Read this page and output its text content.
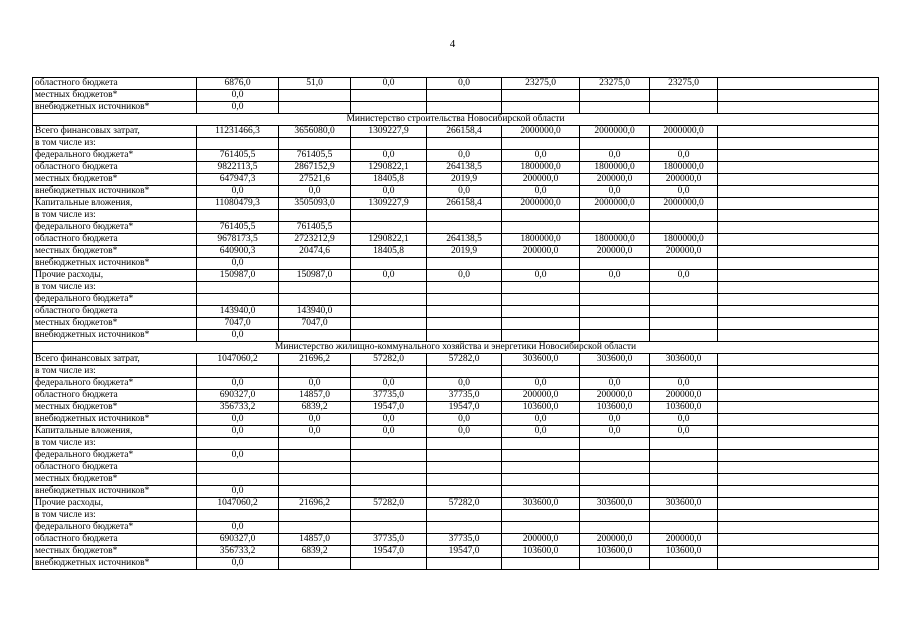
4
областного бюджета	6876,0	51,0	0,0	0,0	23275,0	23275,0	23275,0	
местных бюджетов*	0,0							
внебюджетных источников*	0,0							
Министерство строительства Новосибирской области								
Всего финансовых затрат,	11231466,3	3656080,0	1309227,9	266158,4	2000000,0	2000000,0	2000000,0	
в том числе из:								
федерального бюджета*	761405,5	761405,5	0,0	0,0	0,0	0,0	0,0	
областного бюджета	9822113,5	2867152,9	1290822,1	264138,5	1800000,0	1800000,0	1800000,0	
местных бюджетов*	647947,3	27521,6	18405,8	2019,9	200000,0	200000,0	200000,0	
внебюджетных источников*	0,0	0,0	0,0	0,0	0,0	0,0	0,0	
Капитальные вложения,	11080479,3	3505093,0	1309227,9	266158,4	2000000,0	2000000,0	2000000,0	
в том числе из:								
федерального бюджета*	761405,5	761405,5						
областного бюджета	9678173,5	2723212,9	1290822,1	264138,5	1800000,0	1800000,0	1800000,0	
местных бюджетов*	640900,3	20474,6	18405,8	2019,9	200000,0	200000,0	200000,0	
внебюджетных источников*	0,0							
Прочие расходы,	150987,0	150987,0	0,0	0,0	0,0	0,0	0,0	
в том числе из:								
федерального бюджета*								
областного бюджета	143940,0	143940,0						
местных бюджетов*	7047,0	7047,0						
внебюджетных источников*	0,0							
Министерство жилищно-коммунального хозяйства и энергетики Новосибирской области								
Всего финансовых затрат,	1047060,2	21696,2	57282,0	57282,0	303600,0	303600,0	303600,0	
в том числе из:								
федерального бюджета*	0,0	0,0	0,0	0,0	0,0	0,0	0,0	
областного бюджета	690327,0	14857,0	37735,0	37735,0	200000,0	200000,0	200000,0	
местных бюджетов*	356733,2	6839,2	19547,0	19547,0	103600,0	103600,0	103600,0	
внебюджетных источников*	0,0	0,0	0,0	0,0	0,0	0,0	0,0	
Капитальные вложения,	0,0	0,0	0,0	0,0	0,0	0,0	0,0	
в том числе из:								
федерального бюджета*	0,0							
областного бюджета								
местных бюджетов*								
внебюджетных источников*	0,0							
Прочие расходы,	1047060,2	21696,2	57282,0	57282,0	303600,0	303600,0	303600,0	
в том числе из:								
федерального бюджета*	0,0							
областного бюджета	690327,0	14857,0	37735,0	37735,0	200000,0	200000,0	200000,0	
местных бюджетов*	356733,2	6839,2	19547,0	19547,0	103600,0	103600,0	103600,0	
внебюджетных источников*	0,0							
